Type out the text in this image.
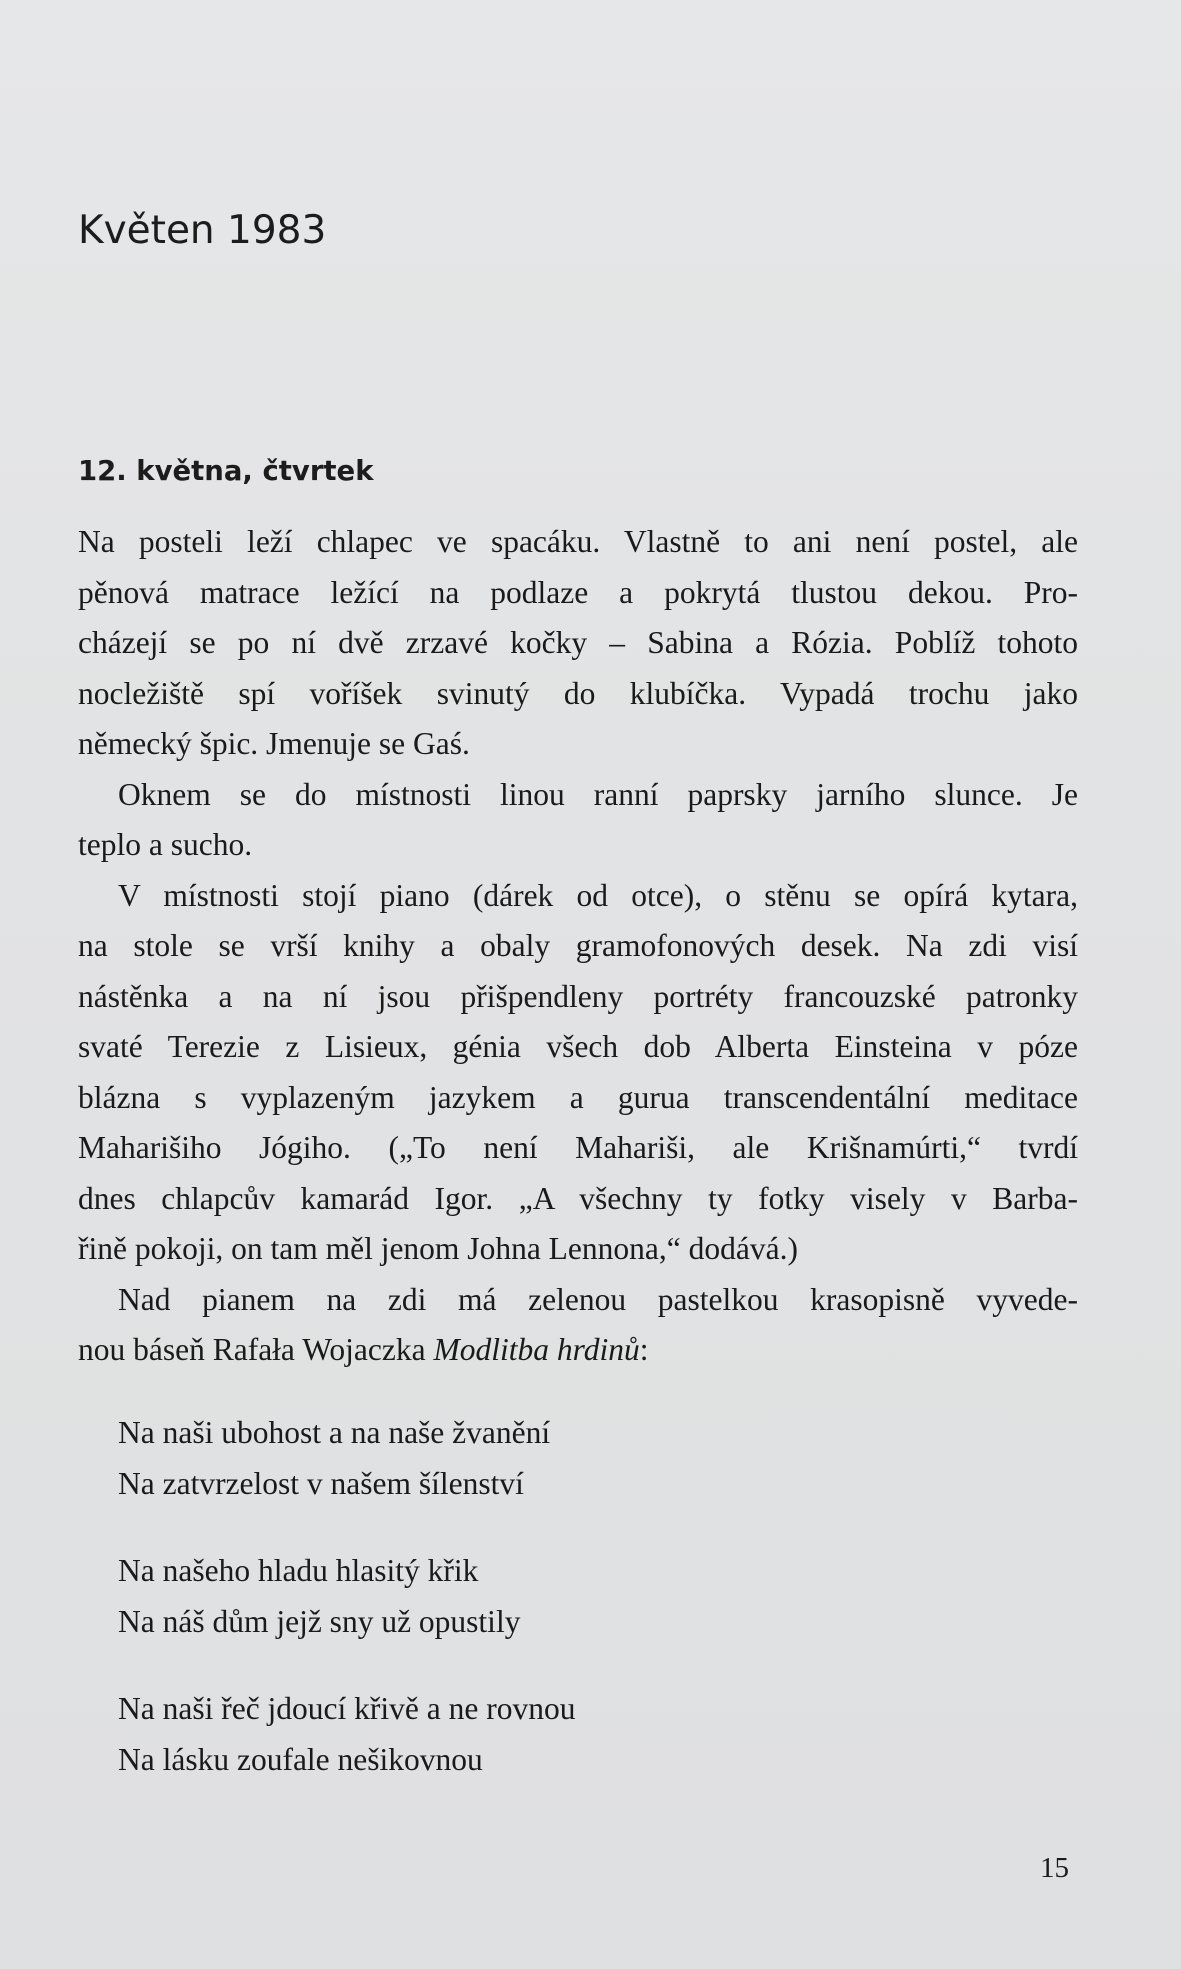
Květen 1983
12. května, čtvrtek

Na posteli leží chlapec ve spacáku. Vlastně to ani není postel, ale
pěnová matrace ležící na podlaze a pokrytá tlustou dekou. Pro-
cházejí se po ní dvě zrzavé kočky – Sabina a Rózia. Poblíž tohoto
nocležiště spí voříšek svinutý do klubíčka. Vypadá trochu jako
německý špic. Jmenuje se Gaś.

Oknem se do místnosti linou ranní paprsky jarního slunce. Je
teplo a sucho.

V místnosti stojí piano (dárek od otce), o stěnu se opírá kytara,
na stole se vrší knihy a obaly gramofonových desek. Na zdi visí
nástěnka a na ní jsou přišpendleny portréty francouzské patronky
svaté Terezie z Lisieux, génia všech dob Alberta Einsteina v póze
blázna s vyplazeným jazykem a gurua transcendentální meditace
Maharišiho Jógiho. („To není Mahariši, ale Krišnamúrti,“ tvrdí
dnes chlapcův kamarád Igor. „A všechny ty fotky visely v Barba-
řině pokoji, on tam měl jenom Johna Lennona,“ dodává.)

Nad pianem na zdi má zelenou pastelkou krasopisně vyvede-
nou báseň Rafała Wojaczka Modlitba hrdinů:

Na naši ubohost a na naše žvanění
Na zatvrzelost v našem šílenství
Na našeho hladu hlasitý křik
Na náš dům jejž sny už opustily
Na naši řeč jdoucí křivě a ne rovnou
Na lásku zoufale nešikovnou
15
